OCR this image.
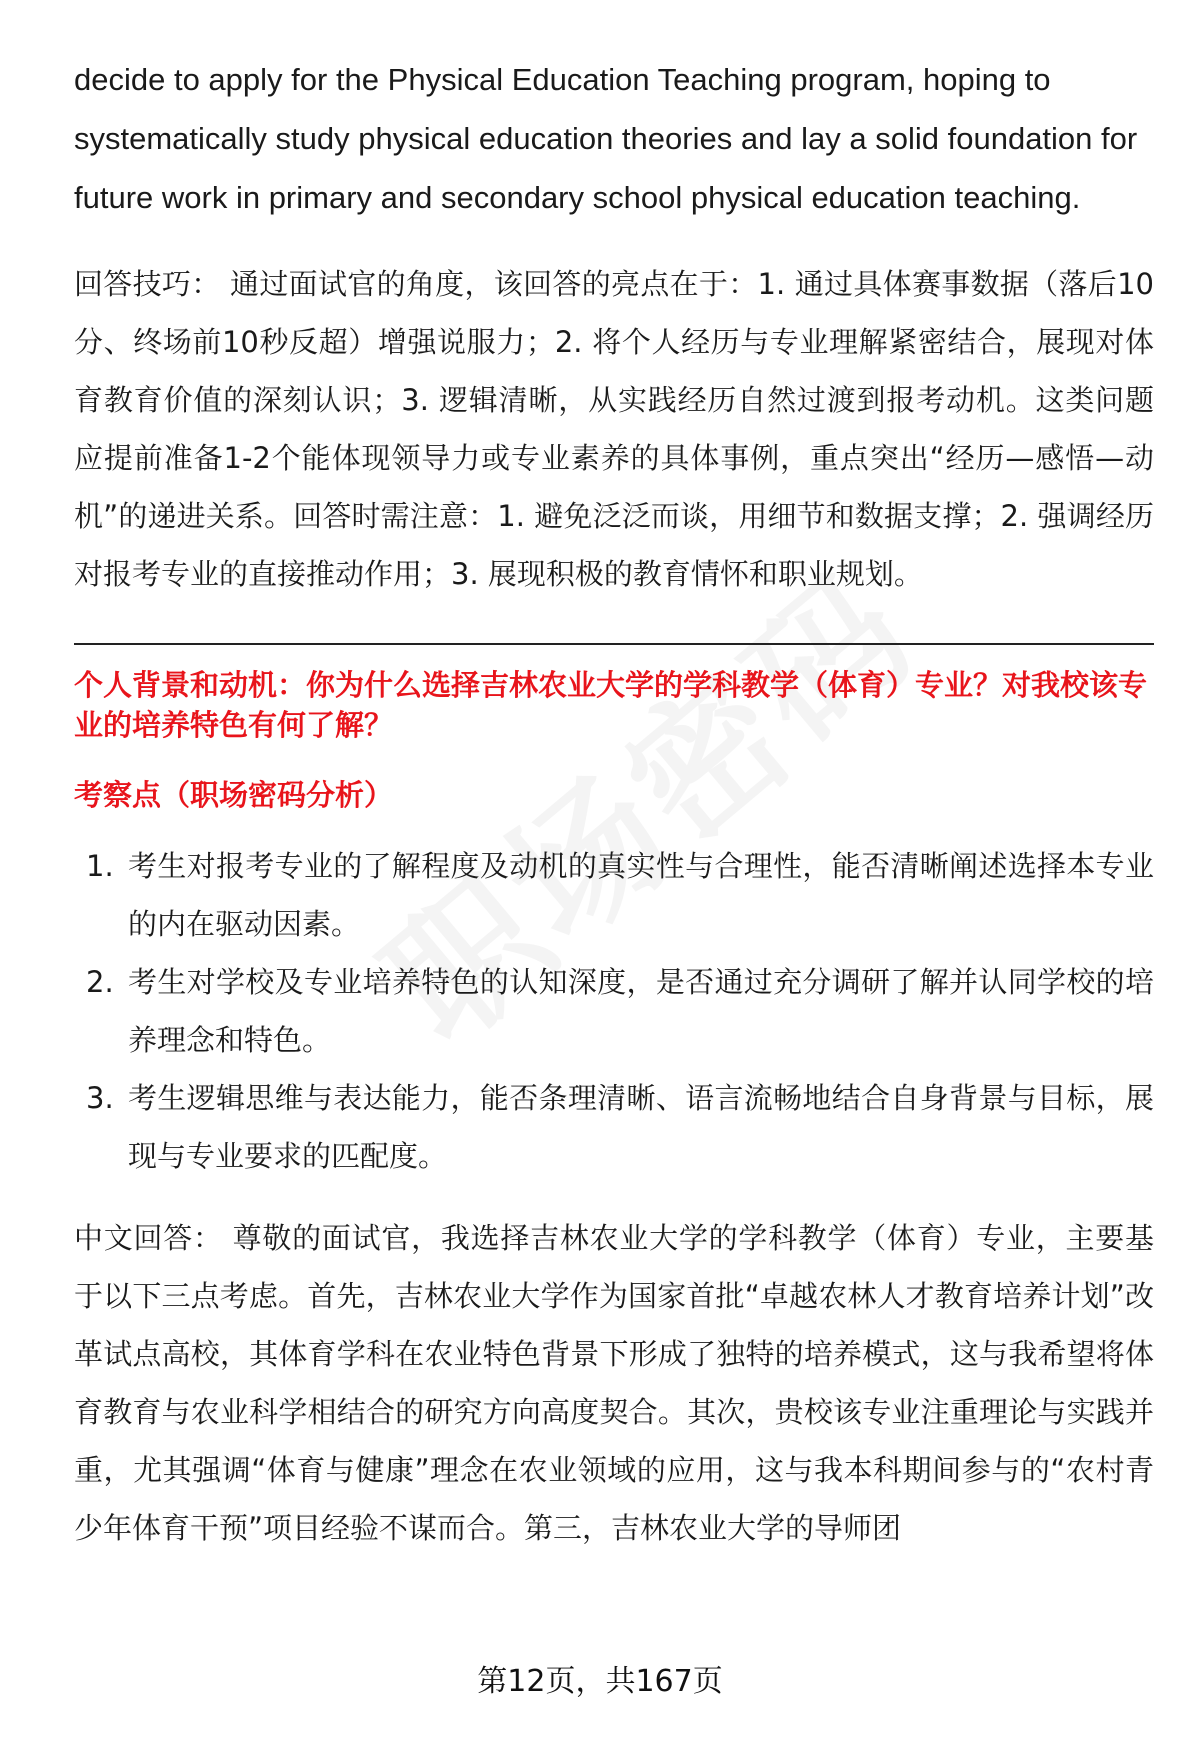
decide to apply for the Physical Education Teaching program, hoping to systematically study physical education theories and lay a solid foundation for future work in primary and secondary school physical education teaching.

回答技巧： 通过面试官的角度，该回答的亮点在于：1. 通过具体赛事数据（落后10分、终场前10秒反超）增强说服力；2. 将个人经历与专业理解紧密结合，展现对体育教育价值的深刻认识；3. 逻辑清晰，从实践经历自然过渡到报考动机。这类问题应提前准备1-2个能体现领导力或专业素养的具体事例，重点突出“经历—感悟—动机”的递进关系。回答时需注意：1. 避免泛泛而谈，用细节和数据支撑；2. 强调经历对报考专业的直接推动作用；3. 展现积极的教育情怀和职业规划。

个人背景和动机：你为什么选择吉林农业大学的学科教学（体育）专业？对我校该专业的培养特色有何了解？
考察点（职场密码分析）
1. 考生对报考专业的了解程度及动机的真实性与合理性，能否清晰阐述选择本专业的内在驱动因素。
2. 考生对学校及专业培养特色的认知深度，是否通过充分调研了解并认同学校的培养理念和特色。
3. 考生逻辑思维与表达能力，能否条理清晰、语言流畅地结合自身背景与目标，展现与专业要求的匹配度。

中文回答： 尊敬的面试官，我选择吉林农业大学的学科教学（体育）专业，主要基于以下三点考虑。首先，吉林农业大学作为国家首批“卓越农林人才教育培养计划”改革试点高校，其体育学科在农业特色背景下形成了独特的培养模式，这与我希望将体育教育与农业科学相结合的研究方向高度契合。其次，贵校该专业注重理论与实践并重，尤其强调“体育与健康”理念在农业领域的应用，这与我本科期间参与的“农村青少年体育干预”项目经验不谋而合。第三，吉林农业大学的导师团

第12页，共167页
